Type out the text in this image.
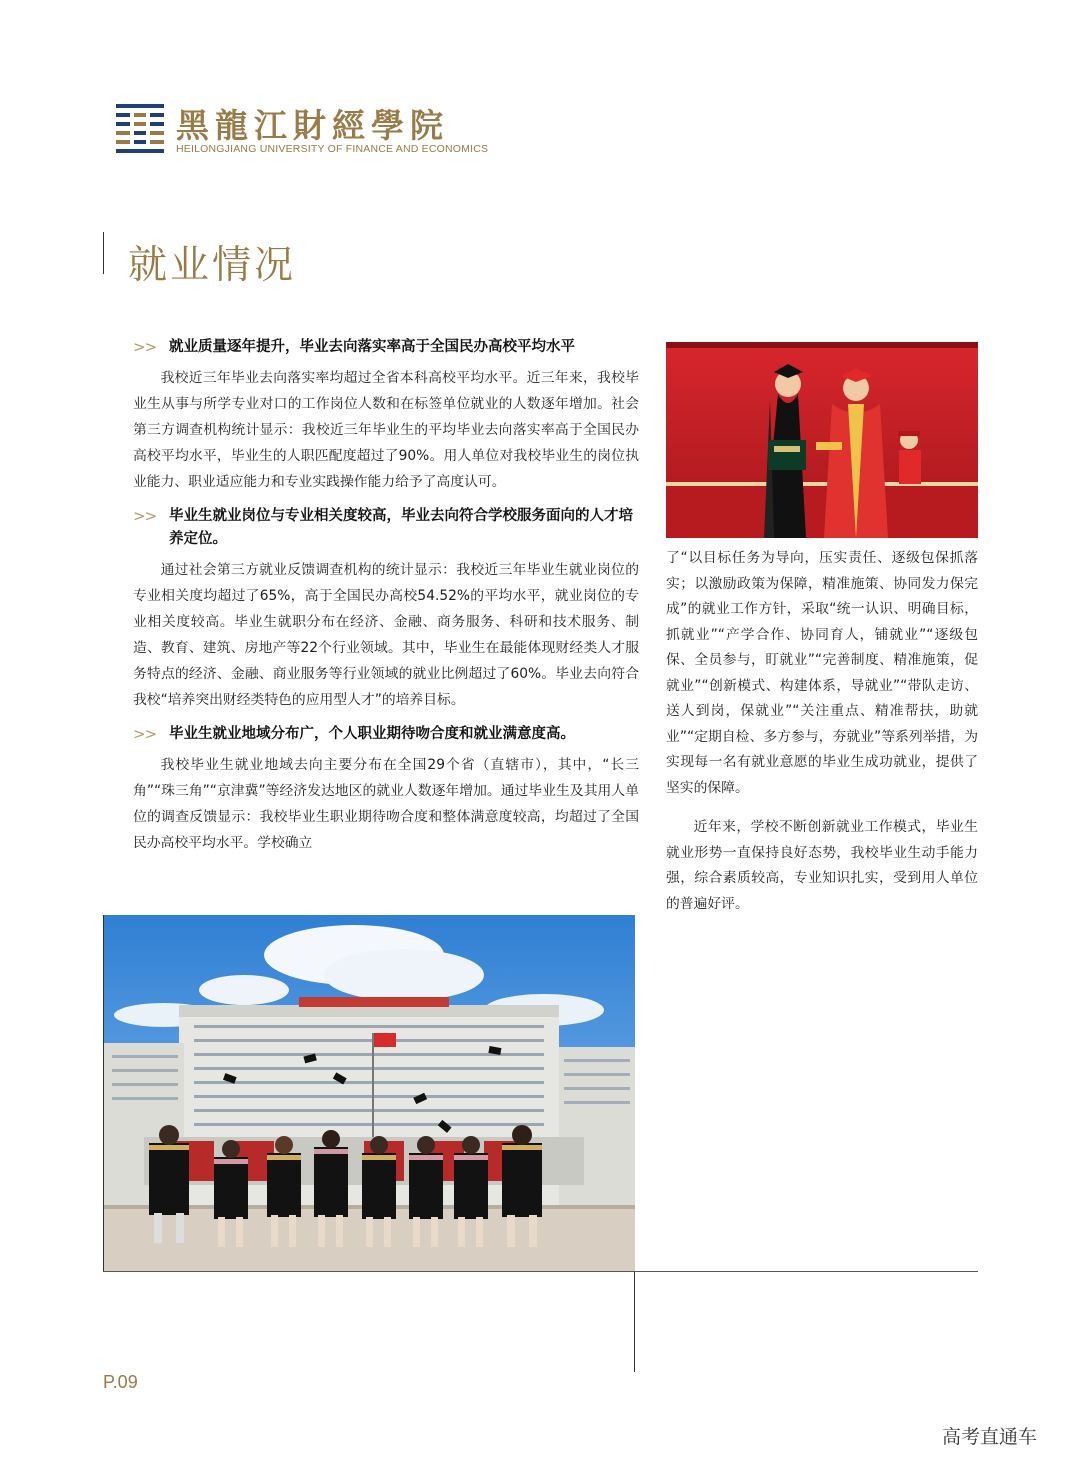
黑龍江財經學院
HEILONGJIANG UNIVERSITY OF FINANCE AND ECONOMICS
就业情况
>> 就业质量逐年提升，毕业去向落实率高于全国民办高校平均水平
我校近三年毕业去向落实率均超过全省本科高校平均水平。近三年来，我校毕业生从事与所学专业对口的工作岗位人数和在标签单位就业的人数逐年增加。社会第三方调查机构统计显示：我校近三年毕业生的平均毕业去向落实率高于全国民办高校平均水平，毕业生的人职匹配度超过了90%。用人单位对我校毕业生的岗位执业能力、职业适应能力和专业实践操作能力给予了高度认可。
>> 毕业生就业岗位与专业相关度较高，毕业去向符合学校服务面向的人才培养定位。
通过社会第三方就业反馈调查机构的统计显示：我校近三年毕业生就业岗位的专业相关度均超过了65%，高于全国民办高校54.52%的平均水平，就业岗位的专业相关度较高。毕业生就职分布在经济、金融、商务服务、科研和技术服务、制造、教育、建筑、房地产等22个行业领域。其中，毕业生在最能体现财经类人才服务特点的经济、金融、商业服务等行业领域的就业比例超过了60%。毕业去向符合我校“培养突出财经类特色的应用型人才”的培养目标。
>> 毕业生就业地域分布广，个人职业期待吻合度和就业满意度高。
我校毕业生就业地域去向主要分布在全国29个省（直辖市），其中，“长三角”“珠三角”“京津冀”等经济发达地区的就业人数逐年增加。通过毕业生及其用人单位的调查反馈显示：我校毕业生职业期待吻合度和整体满意度较高，均超过了全国民办高校平均水平。学校确立

了“以目标任务为导向，压实责任、逐级包保抓落实；以激励政策为保障，精准施策、协同发力保完成”的就业工作方针，采取“统一认识、明确目标，抓就业”“产学合作、协同育人，铺就业”“逐级包保、全员参与，盯就业”“完善制度、精准施策，促就业”“创新模式、构建体系，导就业”“带队走访、送人到岗，保就业”“关注重点、精准帮扶，助就业”“定期自检、多方参与，夯就业”等系列举措，为实现每一名有就业意愿的毕业生成功就业，提供了坚实的保障。

近年来，学校不断创新就业工作模式，毕业生就业形势一直保持良好态势，我校毕业生动手能力强，综合素质较高，专业知识扎实，受到用人单位的普遍好评。

P.09
高考直通车
